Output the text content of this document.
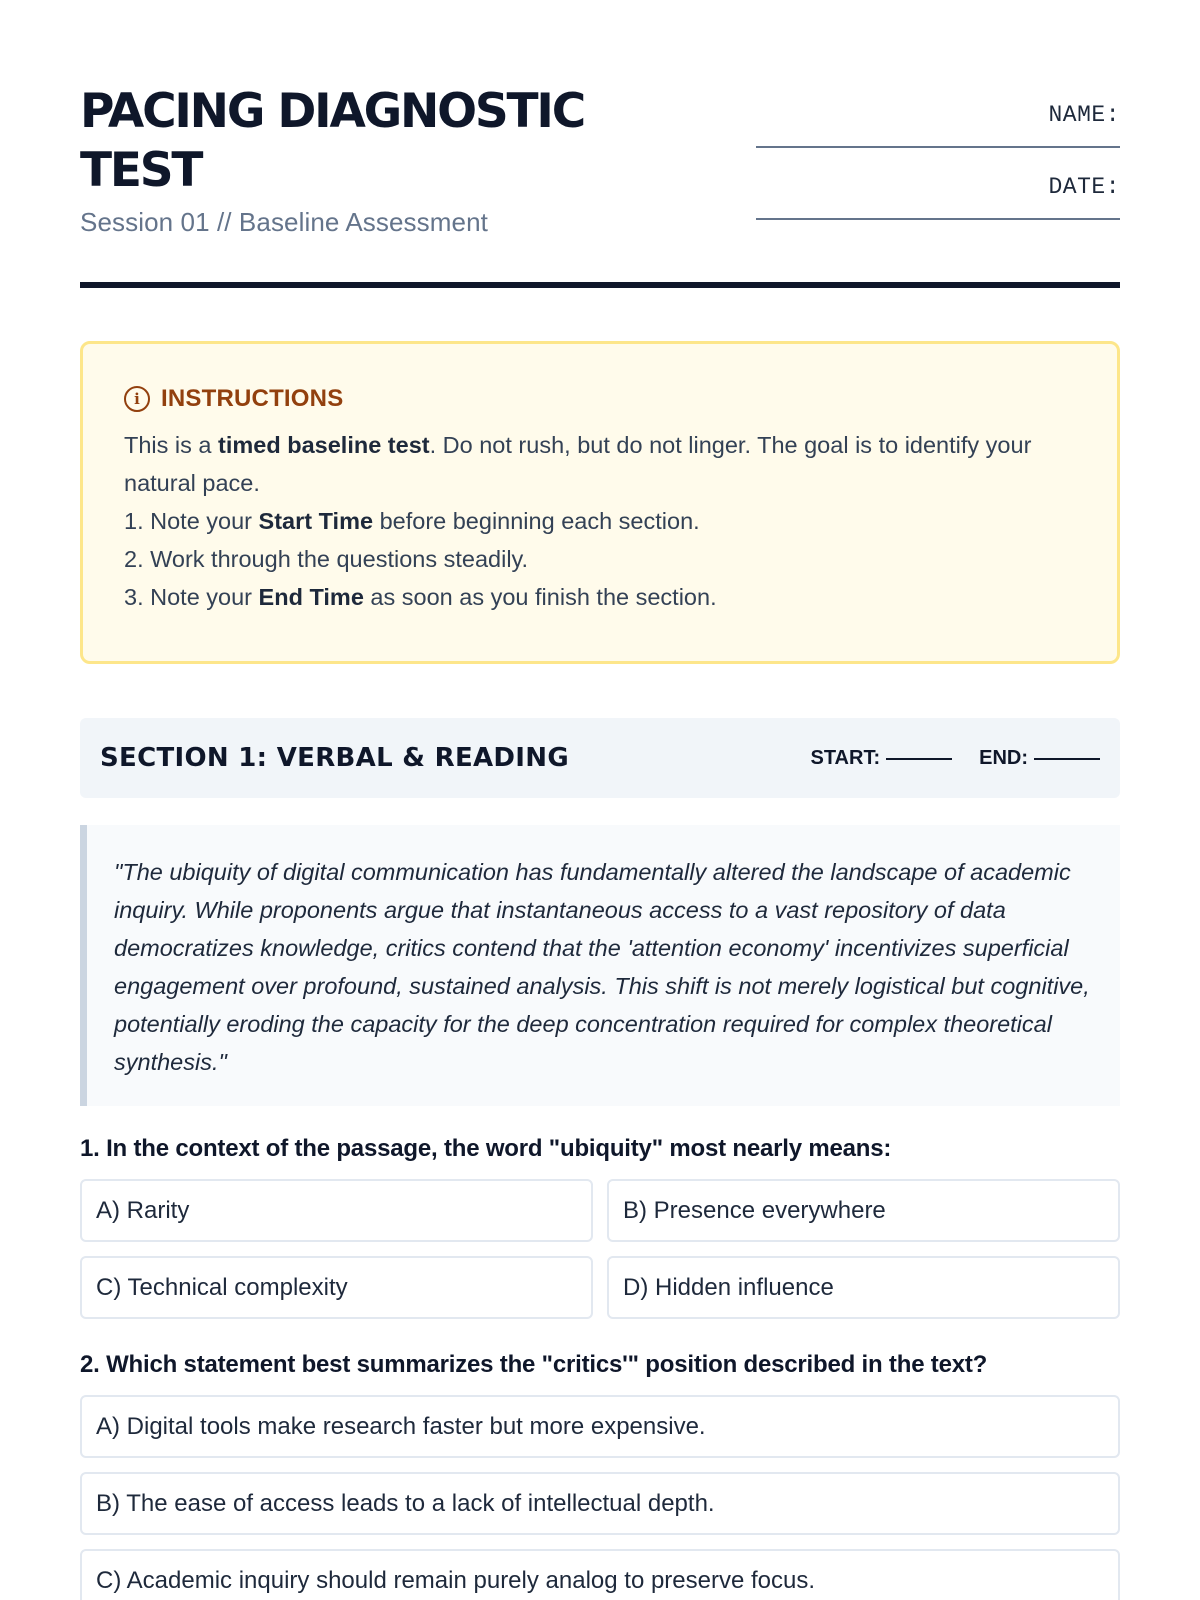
PACING DIAGNOSTIC
TEST
Session 01 // Baseline Assessment
NAME:
DATE:
i INSTRUCTIONS
This is a timed baseline test. Do not rush, but do not linger. The goal is to identify your natural pace.
1. Note your Start Time before beginning each section.
2. Work through the questions steadily.
3. Note your End Time as soon as you finish the section.
SECTION 1: VERBAL & READING	START:	END:

"The ubiquity of digital communication has fundamentally altered the landscape of academic inquiry. While proponents argue that instantaneous access to a vast repository of data democratizes knowledge, critics contend that the 'attention economy' incentivizes superficial engagement over profound, sustained analysis. This shift is not merely logistical but cognitive, potentially eroding the capacity for the deep concentration required for complex theoretical synthesis."

1. In the context of the passage, the word "ubiquity" most nearly means:
A) Rarity	B) Presence everywhere
C) Technical complexity	D) Hidden influence
2. Which statement best summarizes the "critics'" position described in the text?
A) Digital tools make research faster but more expensive.
B) The ease of access leads to a lack of intellectual depth.
C) Academic inquiry should remain purely analog to preserve focus.
